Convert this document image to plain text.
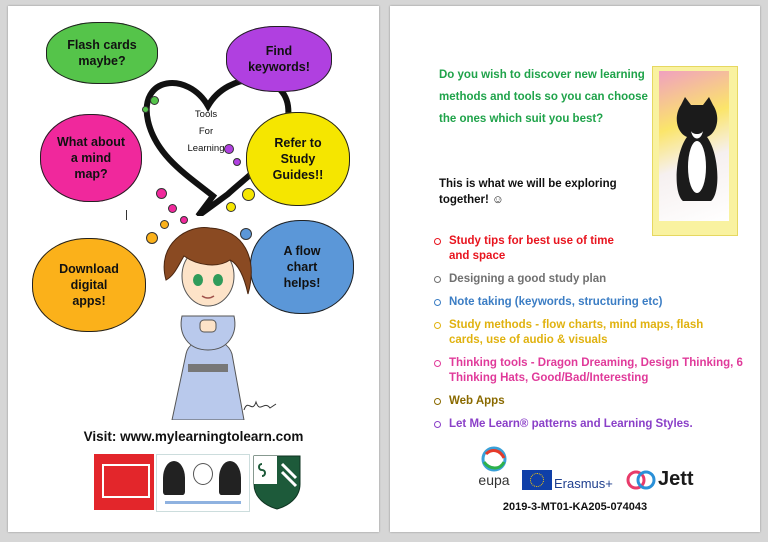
Tools
For
Learning
Flash cards maybe?
Find keywords!
What about a mind map?
Refer to Study Guides!!
Download digital apps!
A flow chart helps!
Visit: www.mylearningtolearn.com
Do you wish to discover new learning methods and tools so you can choose the ones which suit you best?
This is what we will be exploring together! ☺
Study tips for best use of time and space
Designing a good study plan
Note taking (keywords, structuring etc)
Study methods - flow charts, mind maps, flash cards, use of audio & visuals
Thinking tools - Dragon Dreaming, Design Thinking, 6 Thinking Hats, Good/Bad/Interesting
Web Apps
Let Me Learn® patterns and Learning Styles.
eupa	Erasmus+ Jett
2019-3-MT01-KA205-074043
